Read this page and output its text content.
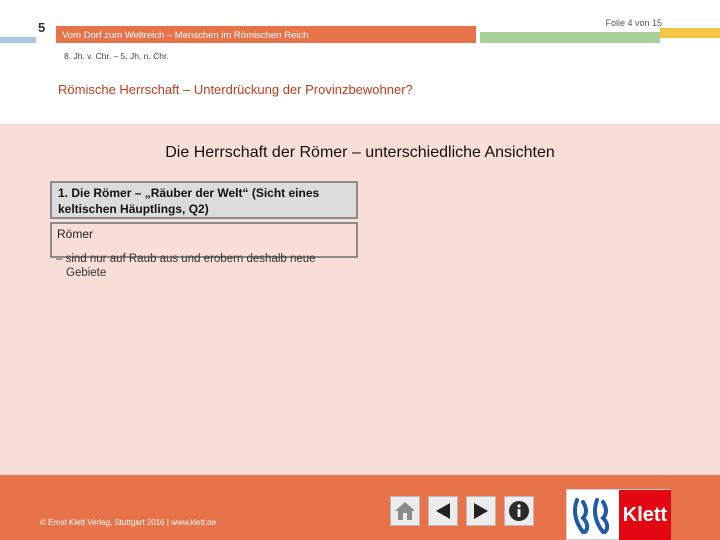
5	Folie 4 von 15
Vom Dorf zum Weltreich – Menschen im Römischen Reich
8. Jh. v. Chr. – 5. Jh. n. Chr.
Römische Herrschaft – Unterdrückung der Provinzbewohner?
Die Herrschaft der Römer – unterschiedliche Ansichten
1. Die Römer – „Räuber der Welt“ (Sicht eines
keltischen Häuptlings, Q2)
Römer
– sind nur auf Raub aus und erobern deshalb neue
Gebiete
© Ernst Klett Verlag, Stuttgart 2016 | www.klett.de	Klett
